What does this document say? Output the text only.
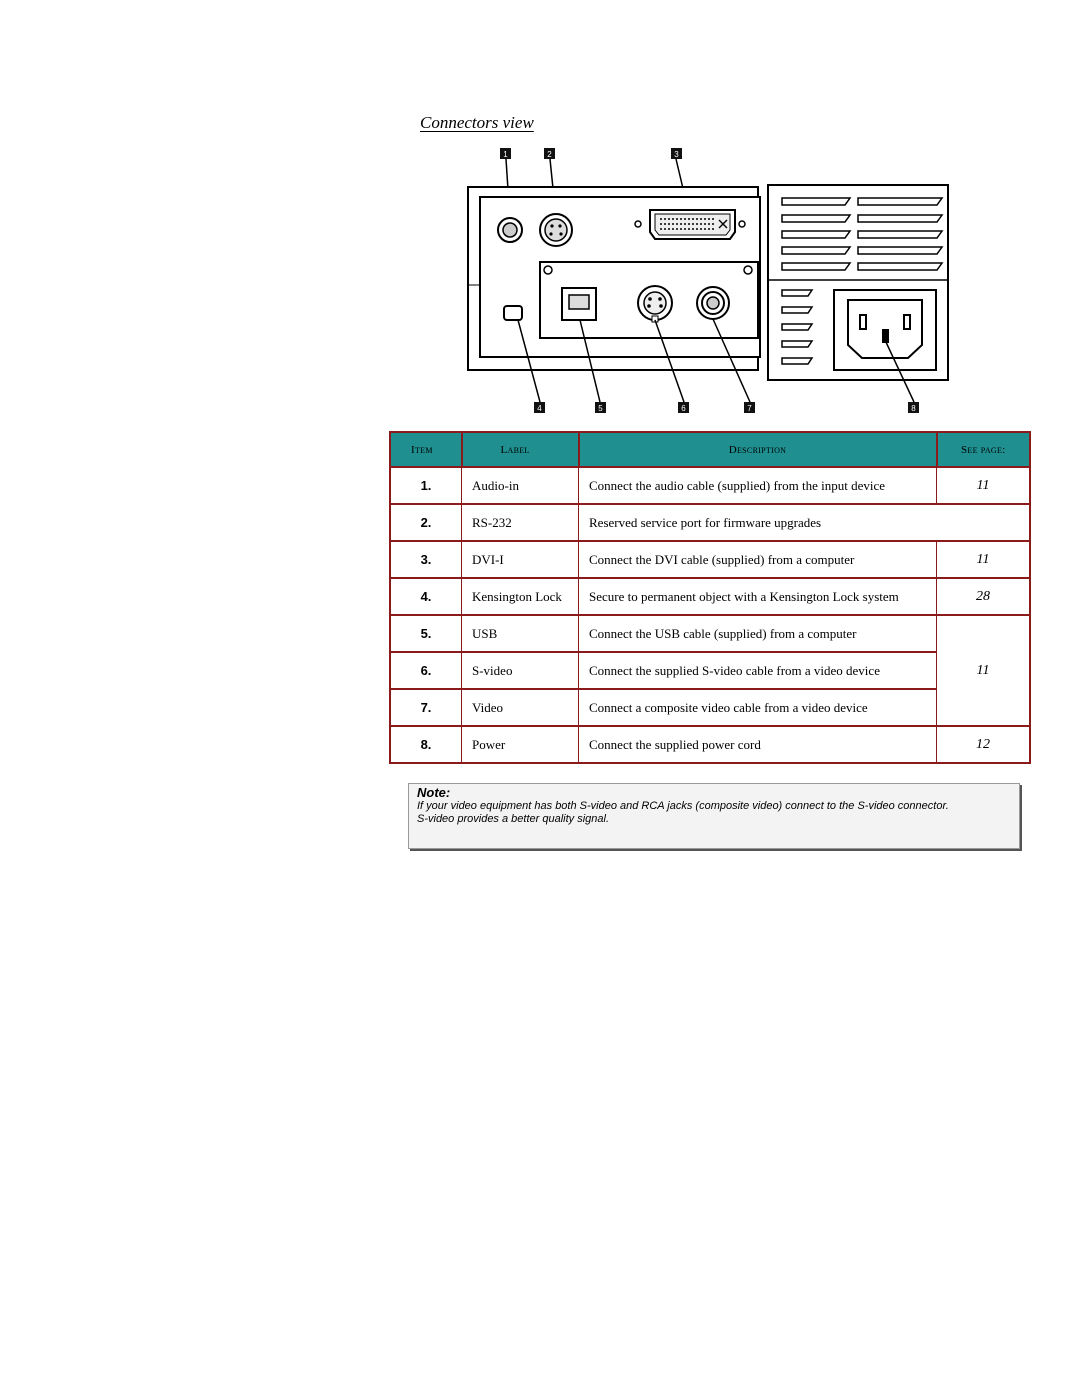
Connectors view
1	2	3
4	5	6	7	8
Item	Label	Description	See page:
1.	Audio-in	Connect the audio cable (supplied) from the input device	11
2.	RS-232	Reserved service port for firmware upgrades	
3.	DVI-I	Connect the DVI cable (supplied) from a computer	11
4.	Kensington Lock	Secure to permanent object with a Kensington Lock system	28
5.	USB	Connect the USB cable (supplied) from a computer	11
6.	S-video	Connect the supplied S-video cable from a video device	
7.	Video	Connect a composite video cable from a video device	
8.	Power	Connect the supplied power cord	12
Note:
If your video equipment has both S-video and RCA jacks (composite video) connect to the S-video connector.
S-video provides a better quality signal.
